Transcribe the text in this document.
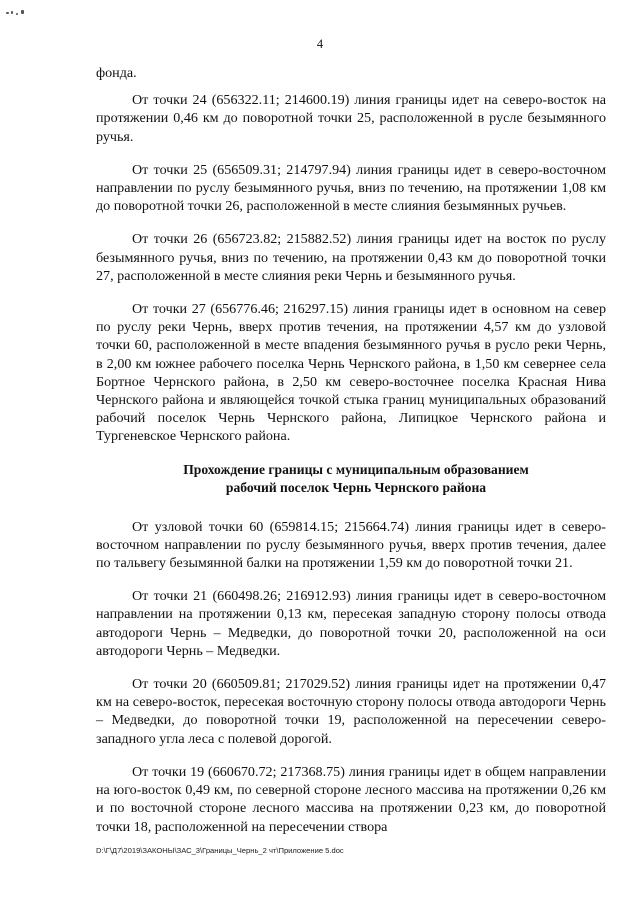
4

фонда.

От точки 24 (656322.11; 214600.19) линия границы идет на северо-восток на протяжении 0,46 км до поворотной точки 25, расположенной в русле безымянного ручья.

От точки 25 (656509.31; 214797.94) линия границы идет в северо-восточном направлении по руслу безымянного ручья, вниз по течению, на протяжении 1,08 км до поворотной точки 26, расположенной в месте слияния безымянных ручьев.

От точки 26 (656723.82; 215882.52) линия границы идет на восток по руслу безымянного ручья, вниз по течению, на протяжении 0,43 км до поворотной точки 27, расположенной в месте слияния реки Чернь и безымянного ручья.

От точки 27 (656776.46; 216297.15) линия границы идет в основном на север по руслу реки Чернь, вверх против течения, на протяжении 4,57 км до узловой точки 60, расположенной в месте впадения безымянного ручья в русло реки Чернь, в 2,00 км южнее рабочего поселка Чернь Чернского района, в 1,50 км севернее села Бортное Чернского района, в 2,50 км северо-восточнее поселка Красная Нива Чернского района и являющейся точкой стыка границ муниципальных образований рабочий поселок Чернь Чернского района, Липицкое Чернского района и Тургеневское Чернского района.

Прохождение границы с муниципальным образованием
рабочий поселок Чернь Чернского района

От узловой точки 60 (659814.15; 215664.74) линия границы идет в северо-восточном направлении по руслу безымянного ручья, вверх против течения, далее по тальвегу безымянной балки на протяжении 1,59 км до поворотной точки 21.

От точки 21 (660498.26; 216912.93) линия границы идет в северо-восточном направлении на протяжении 0,13 км, пересекая западную сторону полосы отвода автодороги Чернь – Медведки, до поворотной точки 20, расположенной на оси автодороги Чернь – Медведки.

От точки 20 (660509.81; 217029.52) линия границы идет на протяжении 0,47 км на северо-восток, пересекая восточную сторону полосы отвода автодороги Чернь – Медведки, до поворотной точки 19, расположенной на пересечении северо-западного угла леса с полевой дорогой.

От точки 19 (660670.72; 217368.75) линия границы идет в общем направлении на юго-восток 0,49 км, по северной стороне лесного массива на протяжении 0,26 км и по восточной стороне лесного массива на протяжении 0,23 км, до поворотной точки 18, расположенной на пересечении створа

D:\Г\Д7\2019\ЗАКОНЫ\ЗАС_3\Границы_Чернь_2 чт\Приложение 5.doc
